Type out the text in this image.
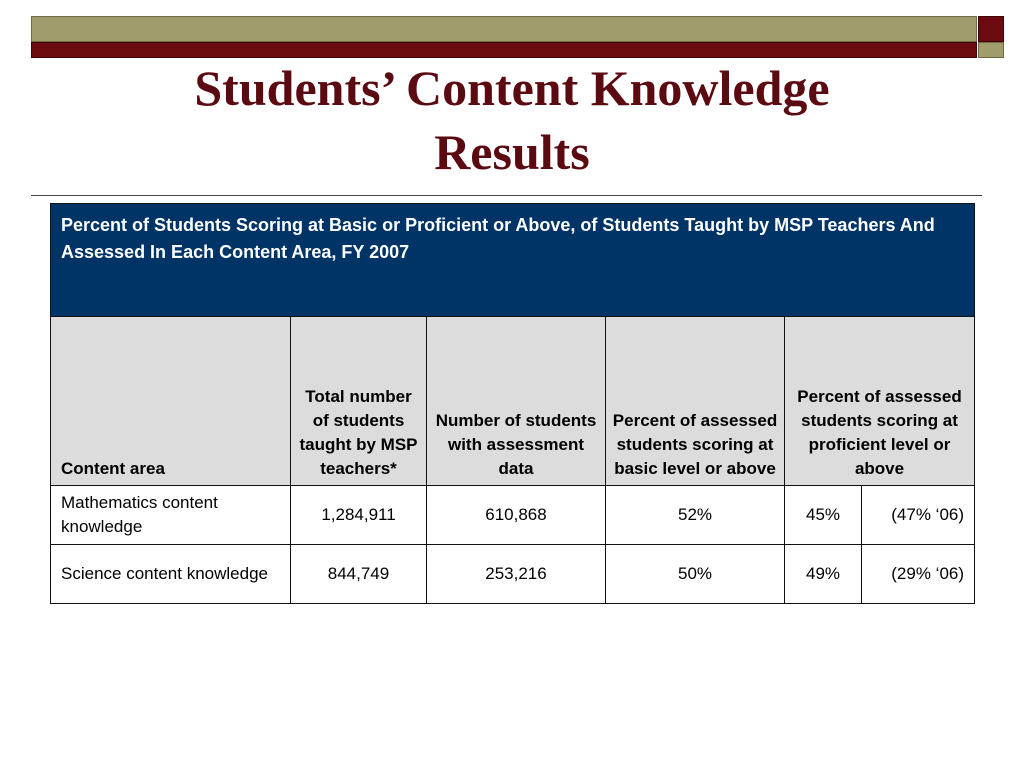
Students’ Content Knowledge
Results
Percent of Students Scoring at Basic or Proficient or Above, of Students Taught by MSP Teachers And Assessed In Each Content Area, FY 2007					
Content area	Total number of students taught by MSP teachers*	Number of students with assessment data	Percent of assessed students scoring at basic level or above	Percent of assessed students scoring at proficient level or above	
Mathematics content knowledge	1,284,911	610,868	52%	45%	(47% ‘06)
Science content knowledge	844,749	253,216	50%	49%	(29% ‘06)
